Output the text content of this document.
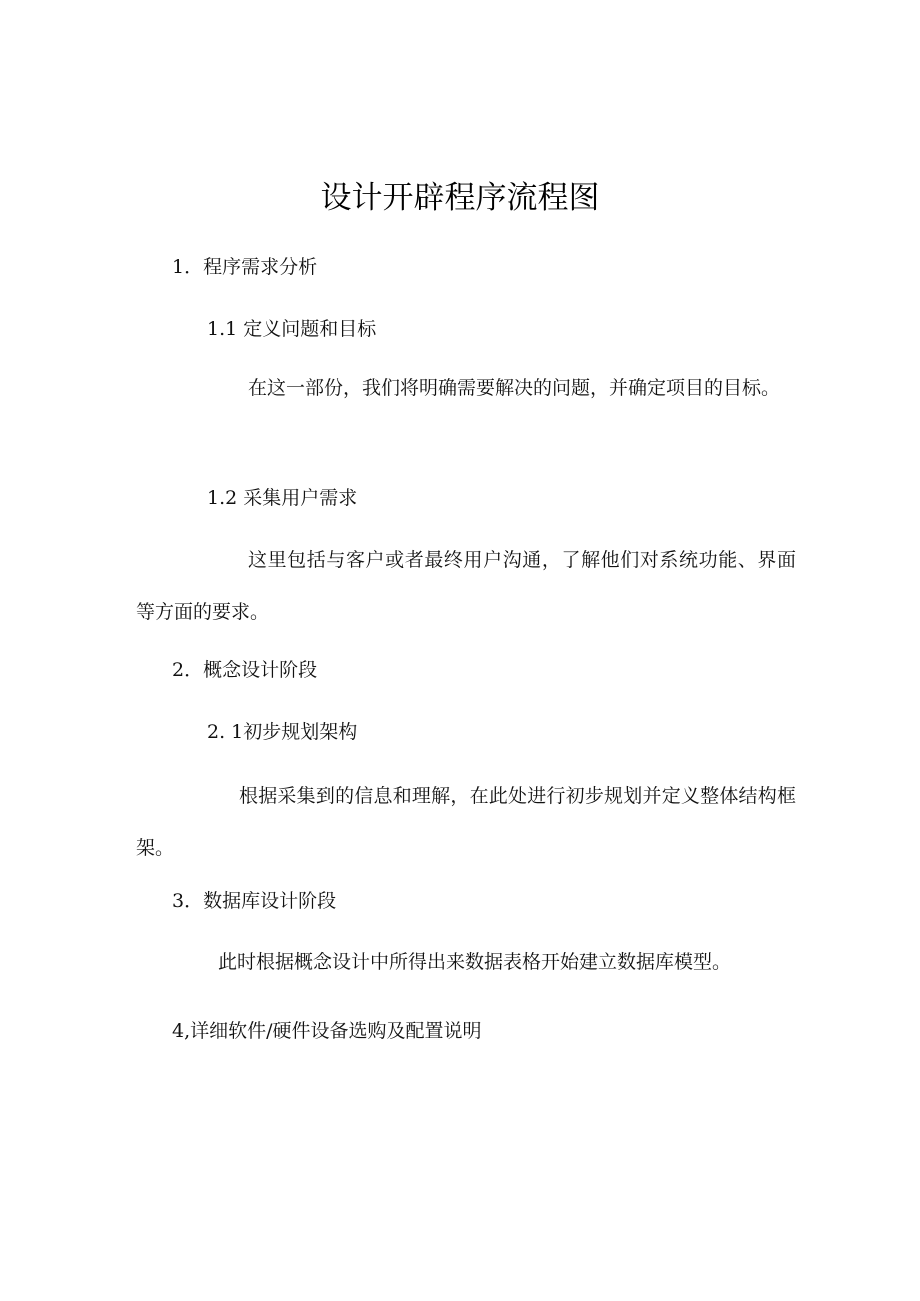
设计开辟程序流程图

1．程序需求分析

1.1 定义问题和目标

在这一部份，我们将明确需要解决的问题，并确定项目的目标。

1.2 采集用户需求

这里包括与客户或者最终用户沟通，了解他们对系统功能、界面等方面的要求。

2．概念设计阶段

2. 1初步规划架构

根据采集到的信息和理解，在此处进行初步规划并定义整体结构框架。

3．数据库设计阶段

此时根据概念设计中所得出来数据表格开始建立数据库模型。

4,详细软件/硬件设备选购及配置说明
